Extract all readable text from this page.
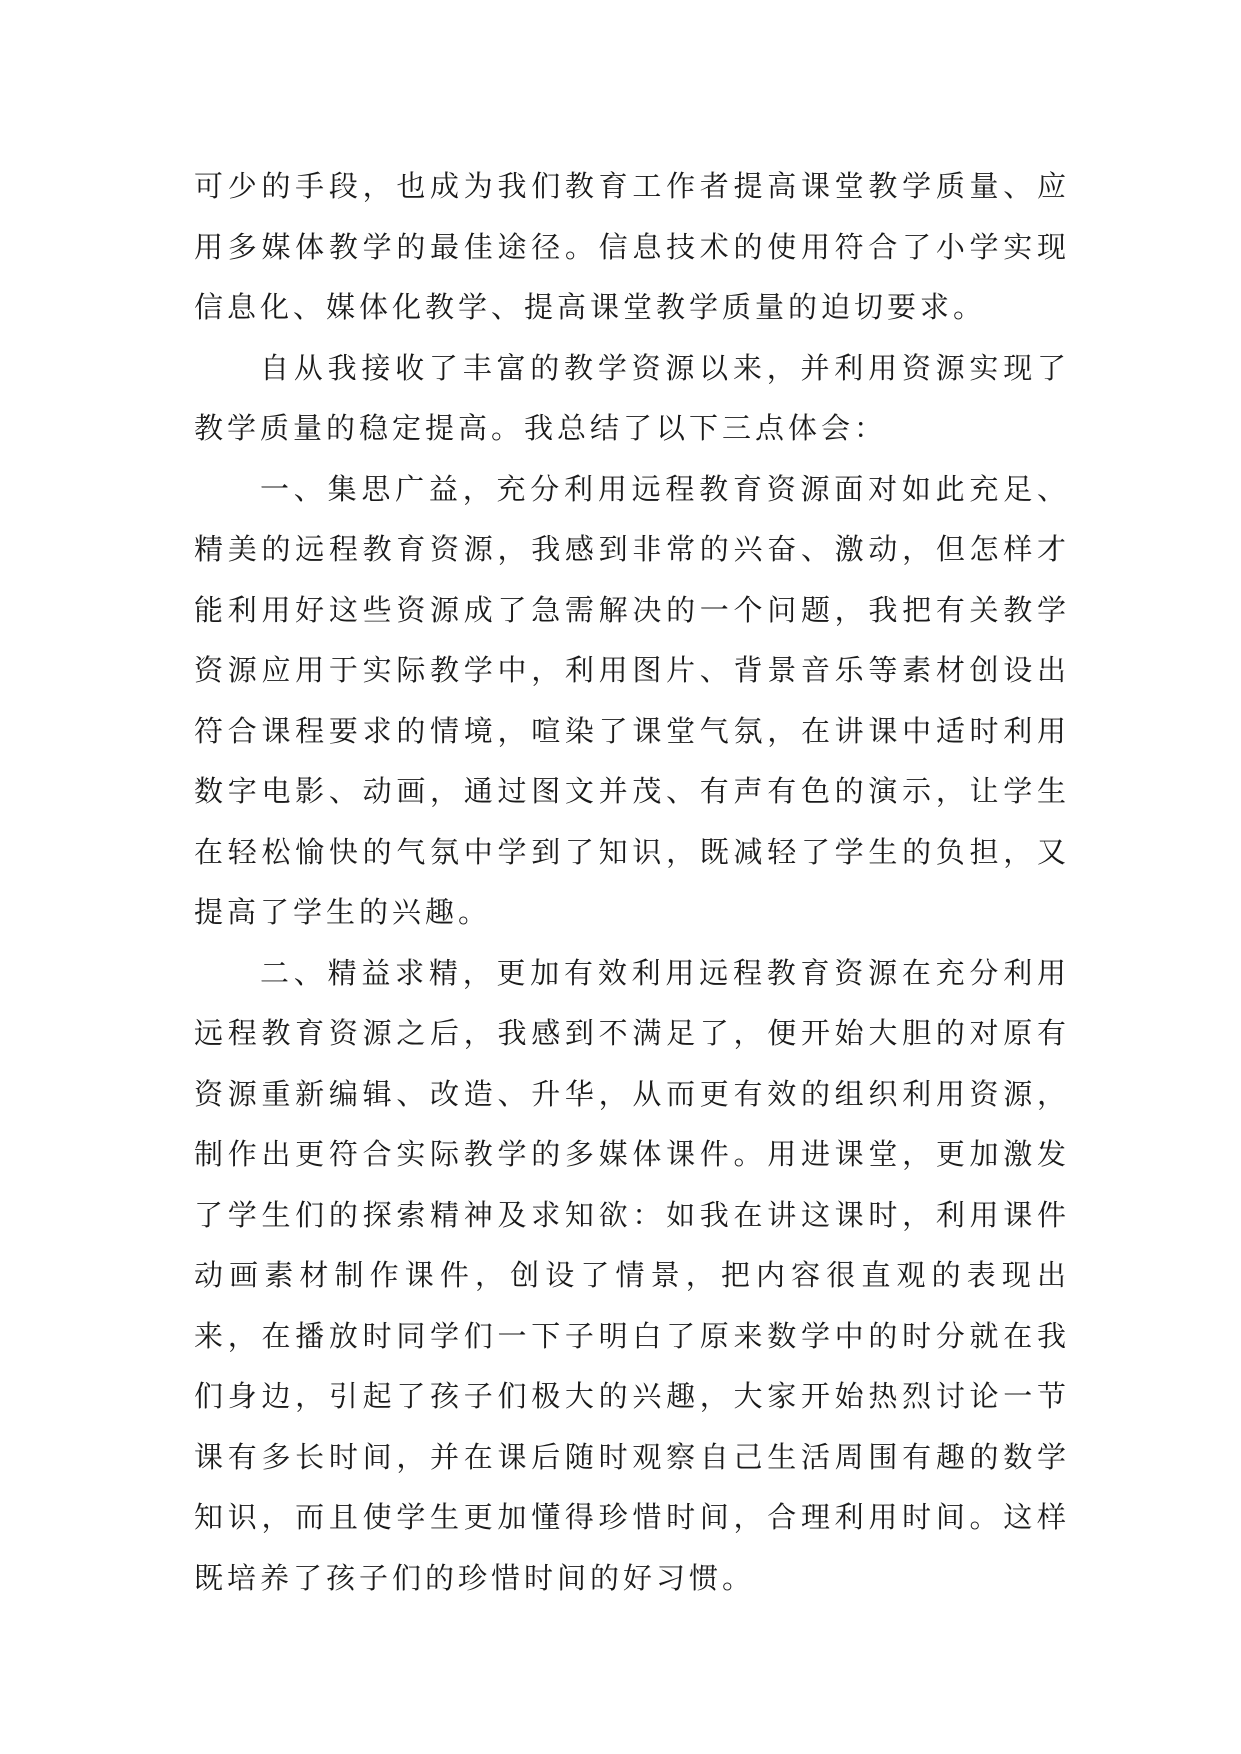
可少的手段，也成为我们教育工作者提高课堂教学质量、应用多媒体教学的最佳途径。信息技术的使用符合了小学实现信息化、媒体化教学、提高课堂教学质量的迫切要求。

自从我接收了丰富的教学资源以来，并利用资源实现了教学质量的稳定提高。我总结了以下三点体会：

一、集思广益，充分利用远程教育资源面对如此充足、精美的远程教育资源，我感到非常的兴奋、激动，但怎样才能利用好这些资源成了急需解决的一个问题，我把有关教学资源应用于实际教学中，利用图片、背景音乐等素材创设出符合课程要求的情境，喧染了课堂气氛，在讲课中适时利用数字电影、动画，通过图文并茂、有声有色的演示，让学生在轻松愉快的气氛中学到了知识，既减轻了学生的负担，又提高了学生的兴趣。

二、精益求精，更加有效利用远程教育资源在充分利用远程教育资源之后，我感到不满足了，便开始大胆的对原有资源重新编辑、改造、升华，从而更有效的组织利用资源，制作出更符合实际教学的多媒体课件。用进课堂，更加激发了学生们的探索精神及求知欲：如我在讲这课时，利用课件动画素材制作课件，创设了情景，把内容很直观的表现出来，在播放时同学们一下子明白了原来数学中的时分就在我们身边，引起了孩子们极大的兴趣，大家开始热烈讨论一节课有多长时间，并在课后随时观察自己生活周围有趣的数学知识，而且使学生更加懂得珍惜时间，合理利用时间。这样既培养了孩子们的珍惜时间的好习惯。
